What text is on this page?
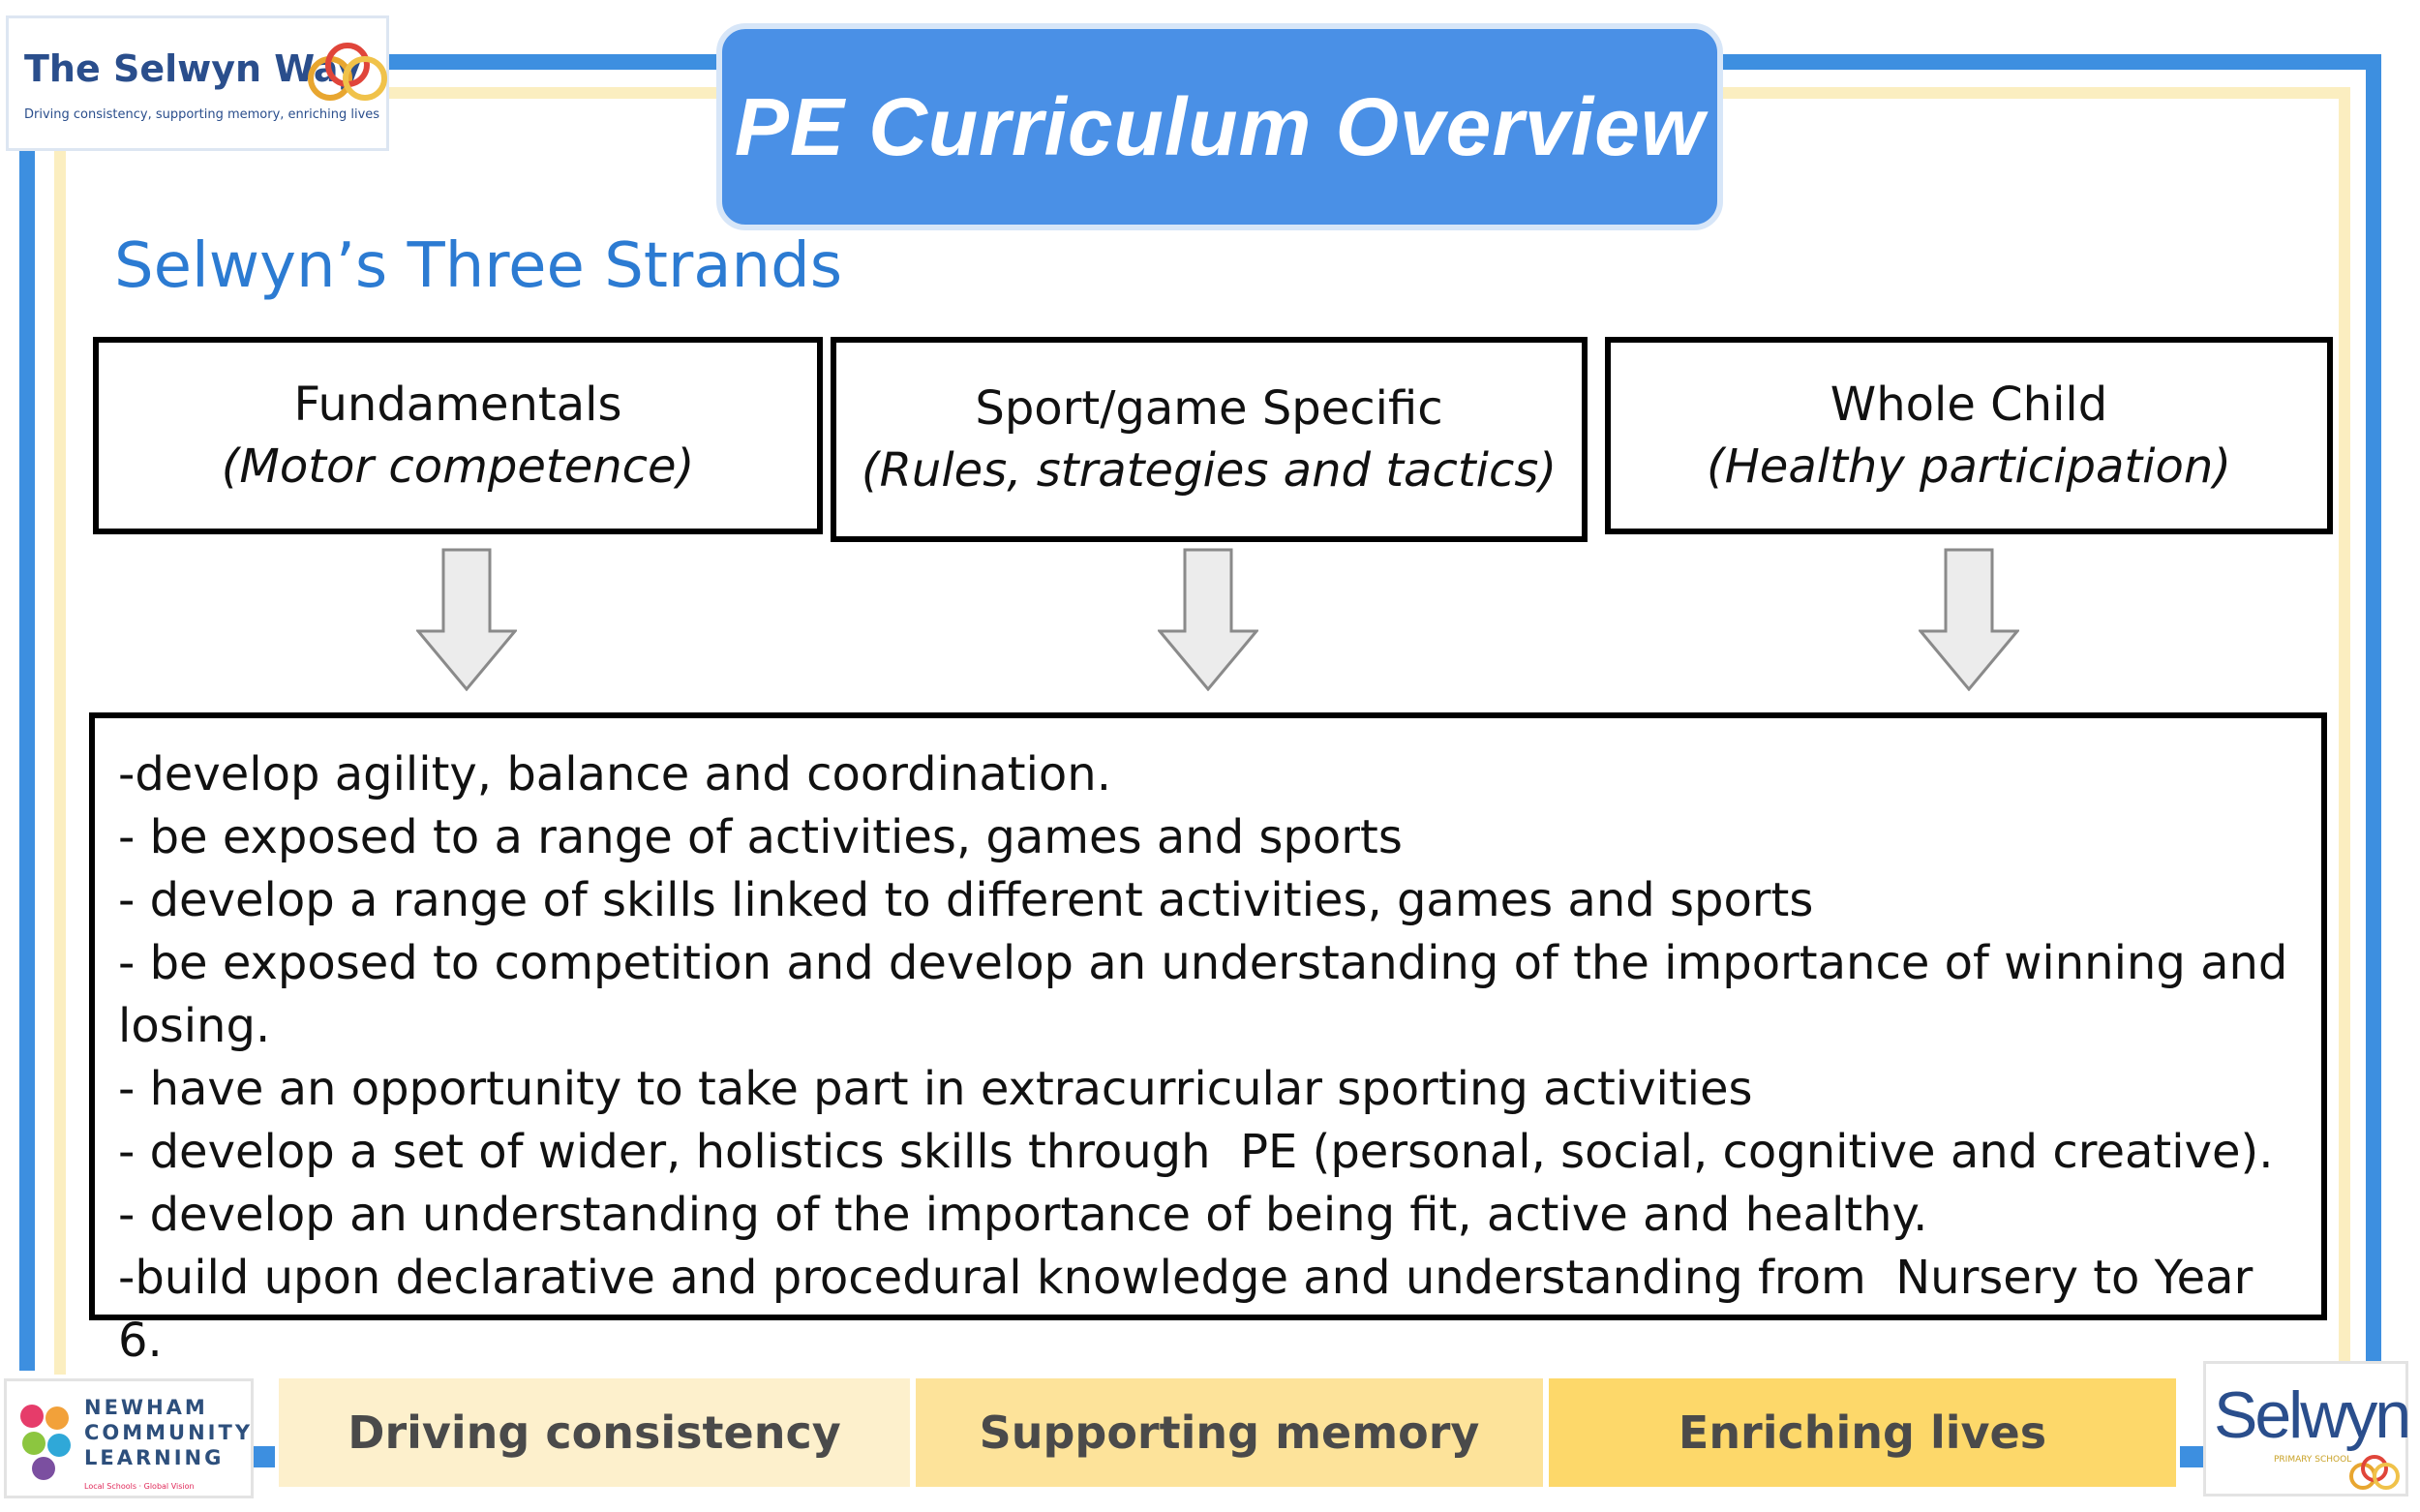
The Selwyn Way
Driving consistency, supporting memory, enriching lives	PE Curriculum Overview
Selwyn’s Three Strands
Fundamentals
(Motor competence)
Sport/game Specific
(Rules, strategies and tactics)
Whole Child
(Healthy participation)
-develop agility, balance and coordination.
- be exposed to a range of activities, games and sports
- develop a range of skills linked to different activities, games and sports
- be exposed to competition and develop an understanding of the importance of winning and losing.
- have an opportunity to take part in extracurricular sporting activities
- develop a set of wider, holistics skills through  PE (personal, social, cognitive and creative).
- develop an understanding of the importance of being fit, active and healthy.
-build upon declarative and procedural knowledge and understanding from  Nursery to Year 6.
Driving consistency	Supporting memory	Enriching lives
NEWHAM COMMUNITY LEARNING
Local Schools · Global Vision
Selwyn
PRIMARY SCHOOL
